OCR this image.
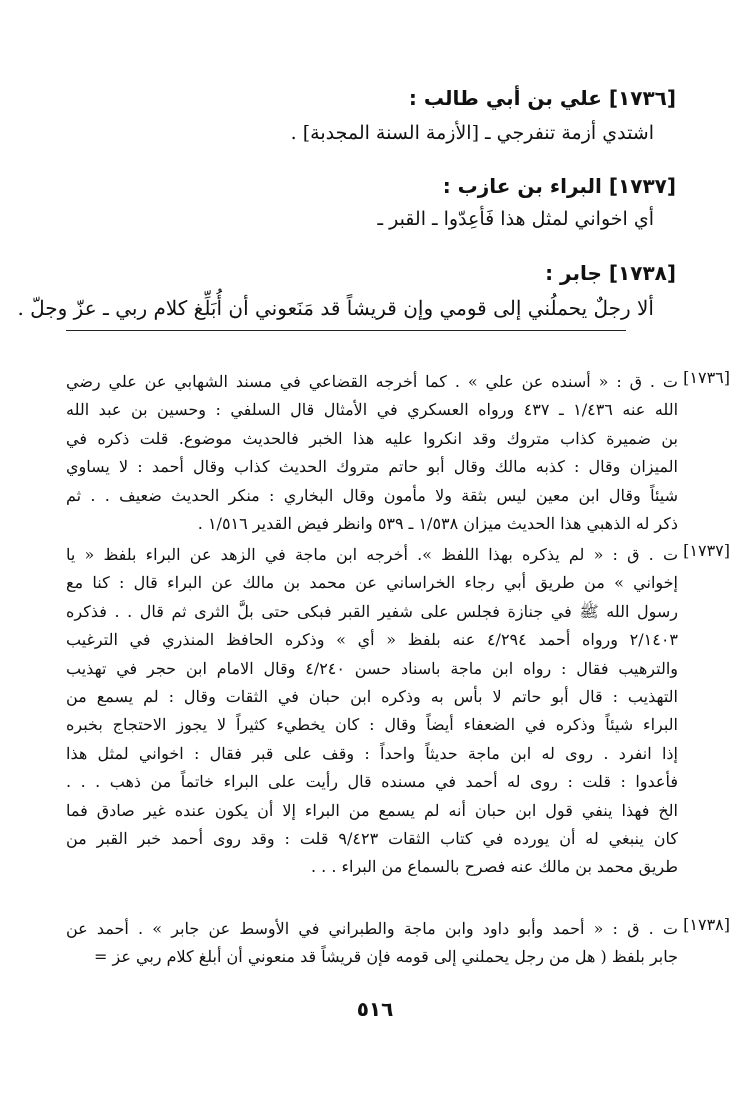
[١٧٣٦] علي بن أبي طالب :
اشتدي أزمة تنفرجي ـ [الأزمة السنة المجدبة] .
[١٧٣٧] البراء بن عازب :
أي اخواني لمثل هذا فَأعِدّوا ـ القبر ـ
[١٧٣٨] جابر :
ألا رجلٌ يحملُني إلى قومي وإن قريشاً قد مَنَعوني أن أُبَلِّغ كلام ربي ـ عزّ وجلّ .
[١٧٣٦]
ت . ق : « أسنده عن علي » . كما أخرجه القضاعي في مسند الشهابي عن علي رضي
الله عنه ١/٤٣٦ ـ ٤٣٧ ورواه العسكري في الأمثال قال السلفي : وحسين بن عبد الله
بن ضميرة كذاب متروك وقد انكروا عليه هذا الخبر فالحديث موضوع. قلت ذكره في
الميزان وقال : كذبه مالك وقال أبو حاتم متروك الحديث كذاب وقال أحمد : لا يساوي
شيئاً وقال ابن معين ليس بثقة ولا مأمون وقال البخاري : منكر الحديث ضعيف . . ثم
ذكر له الذهبي هذا الحديث ميزان ١/٥٣٨ ـ ٥٣٩ وانظر فيض القدير ١/٥١٦ .
[١٧٣٧]
ت . ق : « لم يذكره بهذا اللفظ ». أخرجه ابن ماجة في الزهد عن البراء بلفظ « يا
إخواني » من طريق أبي رجاء الخراساني عن محمد بن مالك عن البراء قال : كنا مع
رسول الله ﷺ في جنازة فجلس على شفير القبر فبكى حتى بلَّ الثرى ثم قال . . فذكره
٢/١٤٠٣ ورواه أحمد ٤/٢٩٤ عنه بلفظ « أي » وذكره الحافظ المنذري في الترغيب
والترهيب فقال : رواه ابن ماجة باسناد حسن ٤/٢٤٠ وقال الامام ابن حجر في تهذيب
التهذيب : قال أبو حاتم لا بأس به وذكره ابن حبان في الثقات وقال : لم يسمع من
البراء شيئاً وذكره في الضعفاء أيضاً وقال : كان يخطيء كثيراً لا يجوز الاحتجاج بخبره
إذا انفرد . روى له ابن ماجة حديثاً واحداً : وقف على قبر فقال : اخواني لمثل هذا
فأعدوا : قلت : روى له أحمد في مسنده قال رأيت على البراء خاتماً من ذهب . . .
الخ فهذا ينفي قول ابن حبان أنه لم يسمع من البراء إلا أن يكون عنده غير صادق فما
كان ينبغي له أن يورده في كتاب الثقات ٩/٤٢٣ قلت : وقد روى أحمد خبر القبر من
طريق محمد بن مالك عنه فصرح بالسماع من البراء . . .
[١٧٣٨]
ت . ق : « أحمد وأبو داود وابن ماجة والطبراني في الأوسط عن جابر » . أحمد عن
جابر بلفظ ( هل من رجل يحملني إلى قومه فإن قريشاً قد منعوني أن أبلغ كلام ربي عز =
٥١٦
